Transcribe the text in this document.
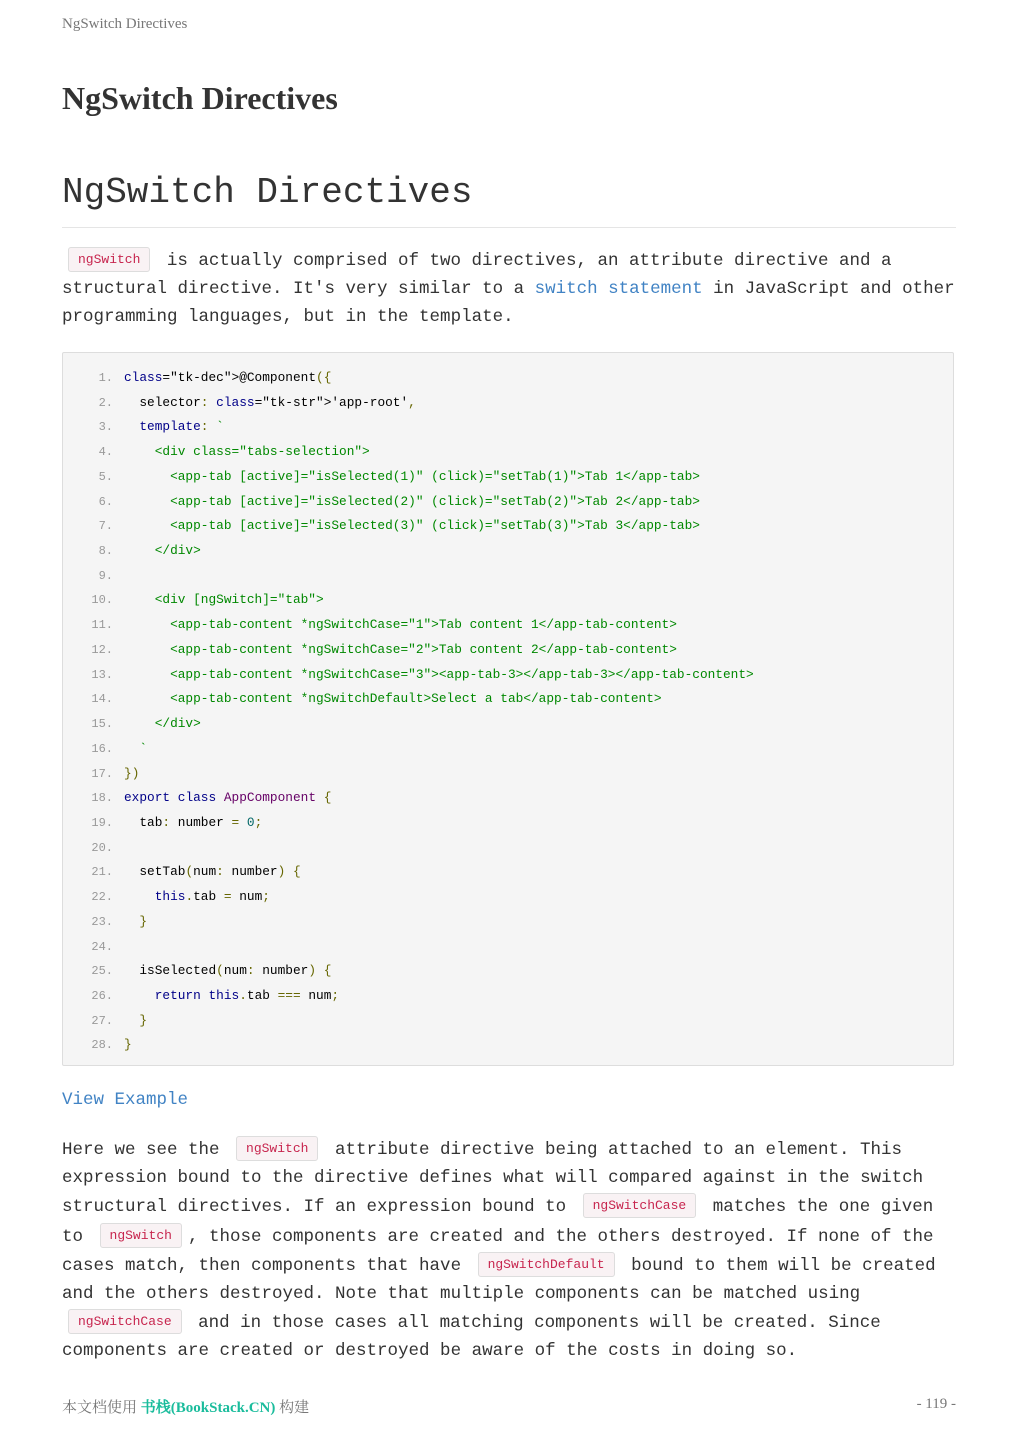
NgSwitch Directives
NgSwitch Directives
NgSwitch Directives

ngSwitch is actually comprised of two directives, an attribute directive and a structural directive. It's very similar to a switch statement in JavaScript and other programming languages, but in the template.

1. class="tk-dec">@Component({
2. selector: class="tk-str">'app-root',
3.	template: `
4. <div class="tabs-selection">
5. <app-tab [active]="isSelected(1)" (click)="setTab(1)">Tab 1</app-tab>
6. <app-tab [active]="isSelected(2)" (click)="setTab(2)">Tab 2</app-tab>
7. <app-tab [active]="isSelected(3)" (click)="setTab(3)">Tab 3</app-tab>
8. </div>
9.
10. <div [ngSwitch]="tab">
11. <app-tab-content *ngSwitchCase="1">Tab content 1</app-tab-content>
12. <app-tab-content *ngSwitchCase="2">Tab content 2</app-tab-content>
13. <app-tab-content *ngSwitchCase="3"><app-tab-3></app-tab-3></app-tab-content>
14. <app-tab-content *ngSwitchDefault>Select a tab</app-tab-content>
15. </div>
16.	`
17. })
18. export class AppComponent {
19. tab: number = 0;
20.
21. setTab(num: number) {
22.	this.tab = num;
23.	}
24.
25. isSelected(num: number) {
26.	return this.tab === num;
27.	}
28. }
View Example

Here we see the ngSwitch attribute directive being attached to an element. This expression bound to the directive defines what will compared against in the switch structural directives. If an expression bound to ngSwitchCase matches the one given to ngSwitch , those components are created and the others destroyed. If none of the cases match, then components that have ngSwitchDefault bound to them will be created and the others destroyed. Note that multiple components can be matched using ngSwitchCase and in those cases all matching components will be created. Since components are created or destroyed be aware of the costs in doing so.

本文档使用 书栈(BookStack.CN) 构建	- 119 -
